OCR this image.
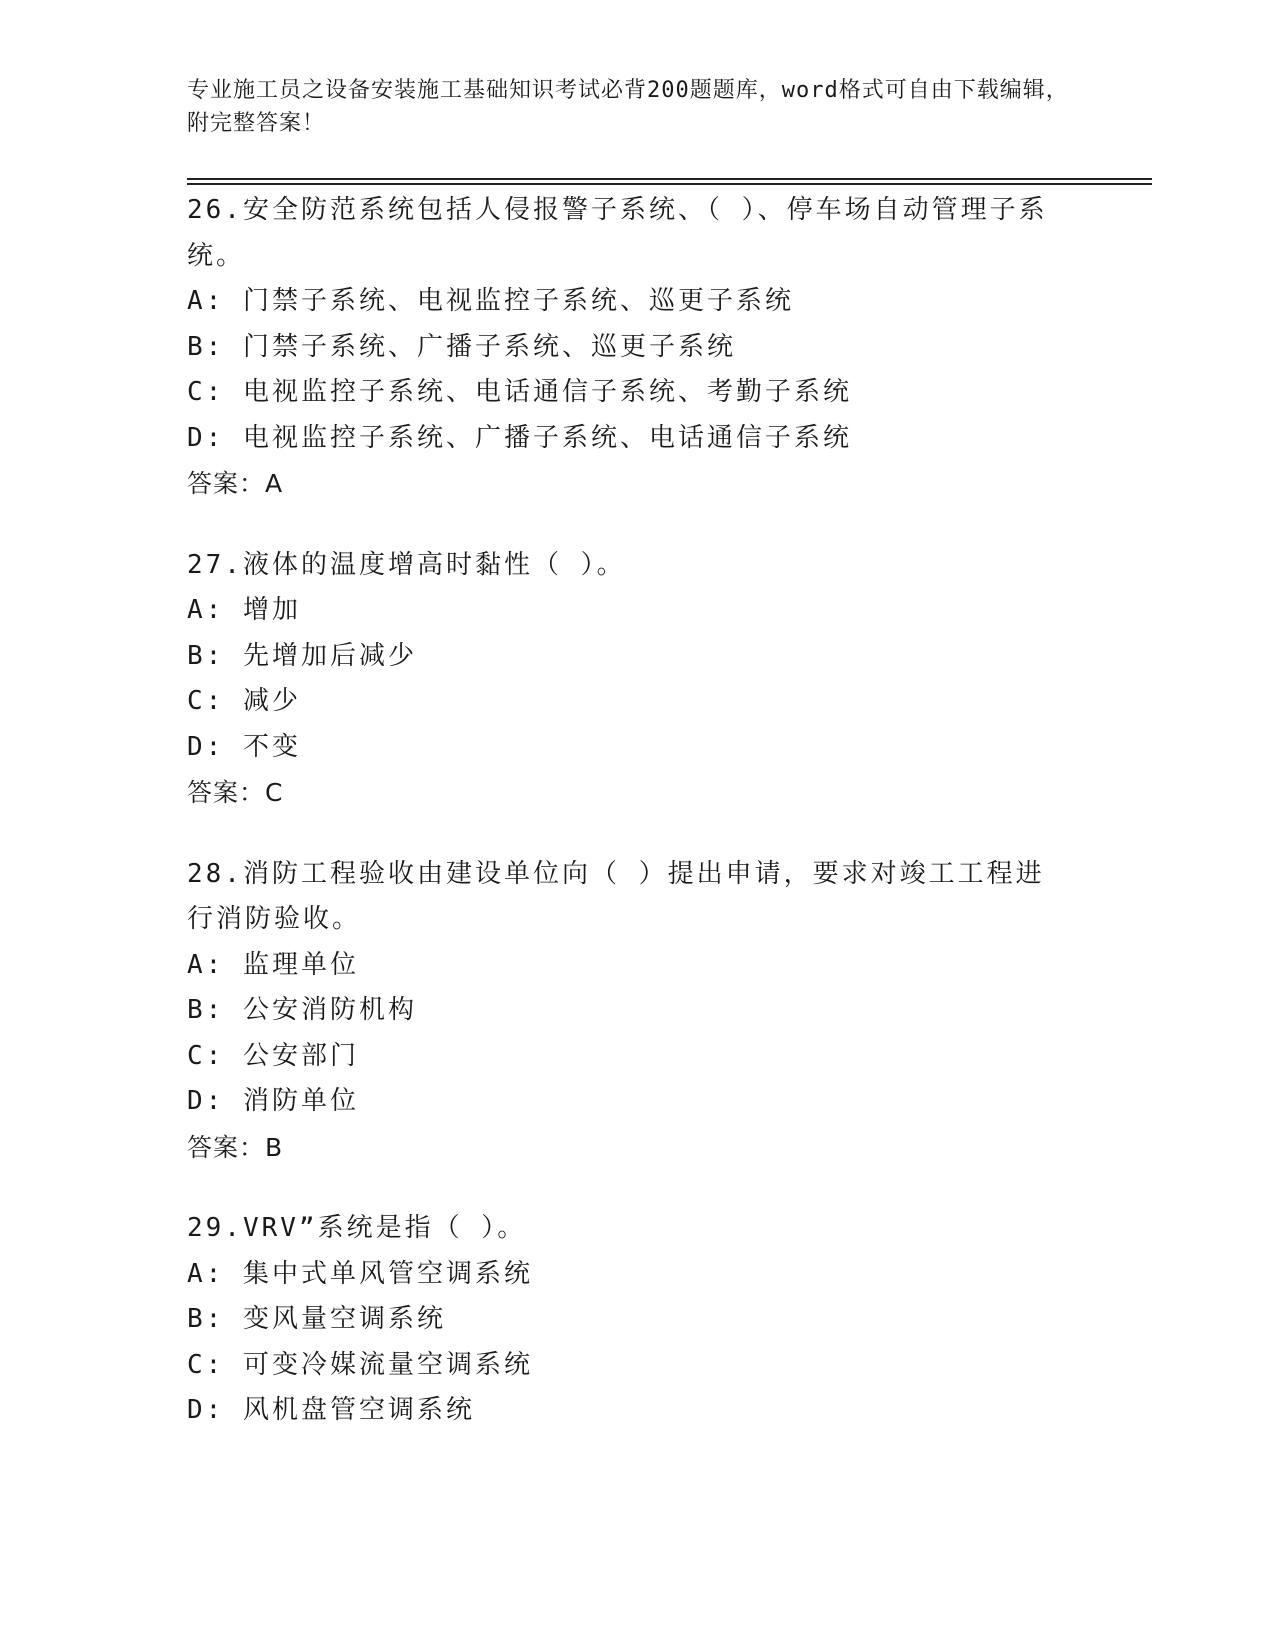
专业施工员之设备安装施工基础知识考试必背200题题库，word格式可自由下载编辑，附完整答案！
26.安全防范系统包括人侵报警子系统、（ ）、停车场自动管理子系统。
A: 门禁子系统、电视监控子系统、巡更子系统
B: 门禁子系统、广播子系统、巡更子系统
C: 电视监控子系统、电话通信子系统、考勤子系统
D: 电视监控子系统、广播子系统、电话通信子系统
答案：A
27.液体的温度增高时黏性（ ）。
A: 增加
B: 先增加后减少
C: 减少
D: 不变
答案：C
28.消防工程验收由建设单位向（ ）提出申请，要求对竣工工程进行消防验收。
A: 监理单位
B: 公安消防机构
C: 公安部门
D: 消防单位
答案：B
29.VRV”系统是指（ ）。
A: 集中式单风管空调系统
B: 变风量空调系统
C: 可变冷媒流量空调系统
D: 风机盘管空调系统
